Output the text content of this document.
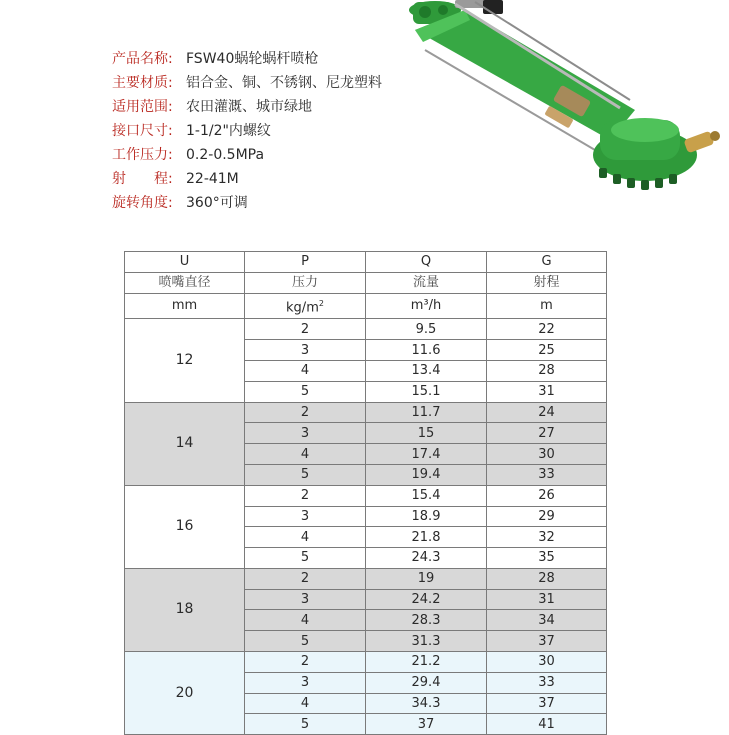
产品名称: FSW40蜗轮蜗杆喷枪
主要材质: 铝合金、铜、不锈钢、尼龙塑料
适用范围: 农田灌溉、城市绿地
接口尺寸: 1-1/2"内螺纹
工作压力: 0.2-0.5MPa
射　　程: 22-41M
旋转角度: 360°可调
U	P	Q	G
喷嘴直径	压力	流量	射程
mm	$kg/m^2$	m³/h	m
12	2	9.5	22
	3	11.6	25
	4	13.4	28
	5	15.1	31
14	2	11.7	24
	3	15	27
	4	17.4	30
	5	19.4	33
16	2	15.4	26
	3	18.9	29
	4	21.8	32
	5	24.3	35
18	2	19	28
	3	24.2	31
	4	28.3	34
	5	31.3	37
20	2	21.2	30
	3	29.4	33
	4	34.3	37
	5	37	41
